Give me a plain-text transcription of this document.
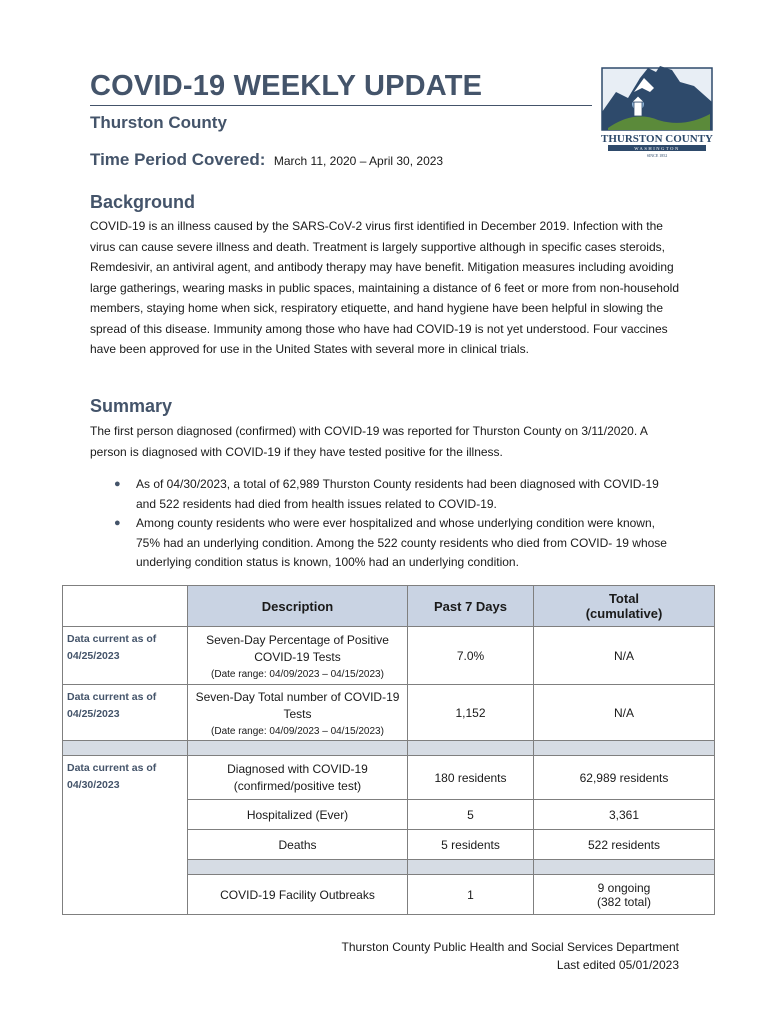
COVID-19 WEEKLY UPDATE
Thurston County
Time Period Covered: March 11, 2020 – April 30, 2023
THURSTON COUNTY
WASHINGTON
SINCE 1852
Background

COVID-19 is an illness caused by the SARS-CoV-2 virus first identified in December 2019. Infection with the virus can cause severe illness and death. Treatment is largely supportive although in specific cases steroids, Remdesivir, an antiviral agent, and antibody therapy may have benefit. Mitigation measures including avoiding large gatherings, wearing masks in public spaces, maintaining a distance of 6 feet or more from non-household members, staying home when sick, respiratory etiquette, and hand hygiene have been helpful in slowing the spread of this disease. Immunity among those who have had COVID-19 is not yet understood. Four vaccines have been approved for use in the United States with several more in clinical trials.

Summary

The first person diagnosed (confirmed) with COVID-19 was reported for Thurston County on 3/11/2020. A person is diagnosed with COVID-19 if they have tested positive for the illness.

● As of 04/30/2023, a total of 62,989 Thurston County residents had been diagnosed with COVID-19 and 522 residents had died from health issues related to COVID-19.
● Among county residents who were ever hospitalized and whose underlying condition were known, 75% had an underlying condition. Among the 522 county residents who died from COVID- 19 whose underlying condition status is known, 100% had an underlying condition.
	Description	Past 7 Days	Total
(cumulative)

Data current as of
04/25/2023	Seven-Day Percentage of Positive COVID-19 Tests
(Date range: 04/09/2023 – 04/15/2023)	7.0%	N/A

Data current as of
04/25/2023	Seven-Day Total number of COVID-19 Tests
(Date range: 04/09/2023 – 04/15/2023)	1,152	N/A

Data current as of
04/30/2023	Diagnosed with COVID-19 (confirmed/positive test)	180 residents	62,989 residents
	Hospitalized (Ever)	5	3,361
	Deaths	5 residents	522 residents

	COVID-19 Facility Outbreaks	1	9 ongoing
(382 total)
Thurston County Public Health and Social Services Department
Last edited 05/01/2023
